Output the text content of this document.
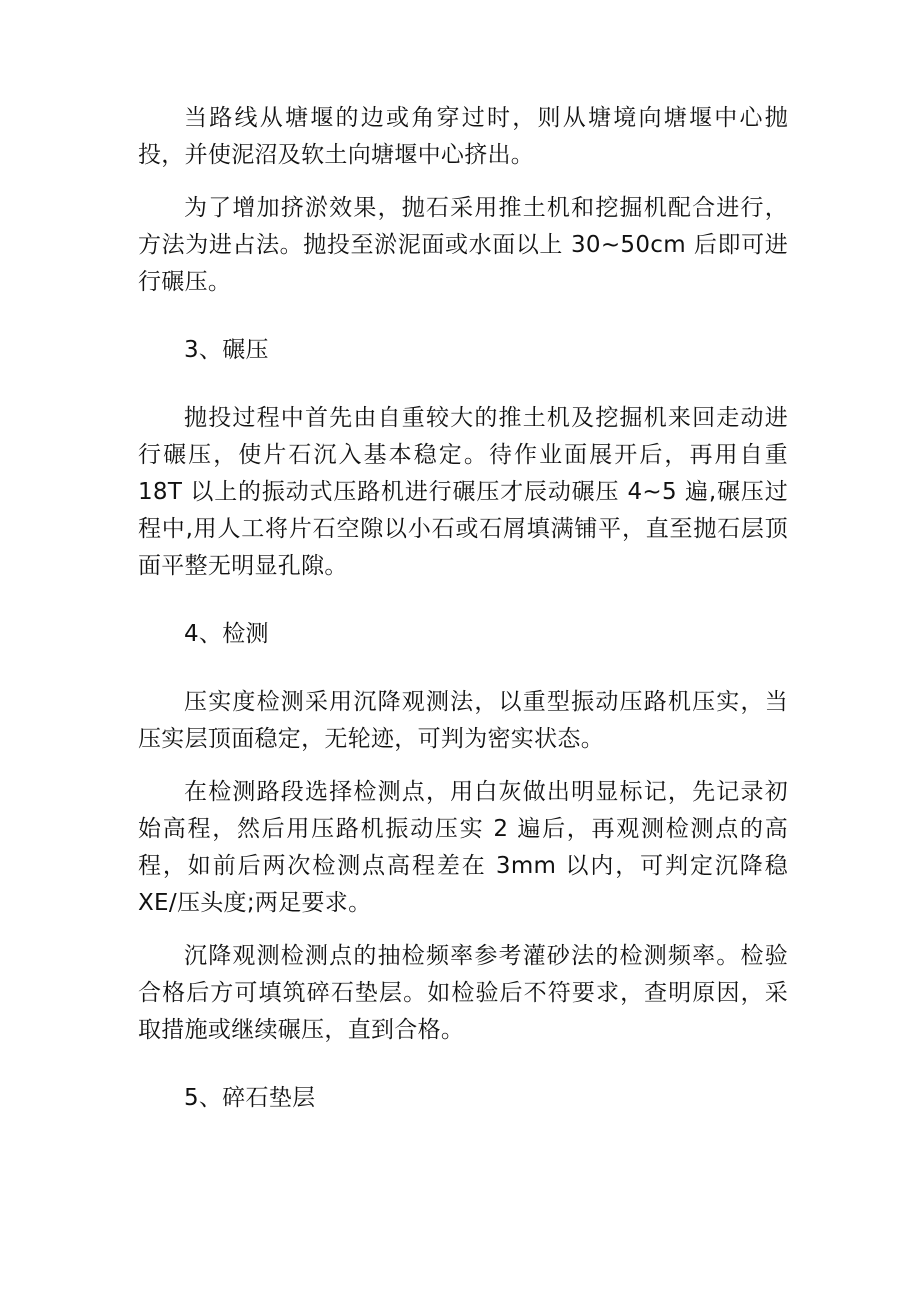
当路线从塘堰的边或角穿过时，则从塘境向塘堰中心抛投，并使泥沼及软土向塘堰中心挤出。

为了增加挤淤效果，抛石采用推土机和挖掘机配合进行，方法为进占法。抛投至淤泥面或水面以上 30~50cm 后即可进行碾压。

3、碾压

抛投过程中首先由自重较大的推土机及挖掘机来回走动进行碾压，使片石沉入基本稳定。待作业面展开后，再用自重 18T 以上的振动式压路机进行碾压才辰动碾压 4~5 遍,碾压过程中,用人工将片石空隙以小石或石屑填满铺平，直至抛石层顶面平整无明显孔隙。

4、检测

压实度检测采用沉降观测法，以重型振动压路机压实，当压实层顶面稳定，无轮迹，可判为密实状态。

在检测路段选择检测点，用白灰做出明显标记，先记录初始高程，然后用压路机振动压实 2 遍后，再观测检测点的高程，如前后两次检测点高程差在 3mm 以内，可判定沉降稳 XE/压头度;两足要求。

沉降观测检测点的抽检频率参考灌砂法的检测频率。检验合格后方可填筑碎石垫层。如检验后不符要求，查明原因，采取措施或继续碾压，直到合格。

5、碎石垫层
